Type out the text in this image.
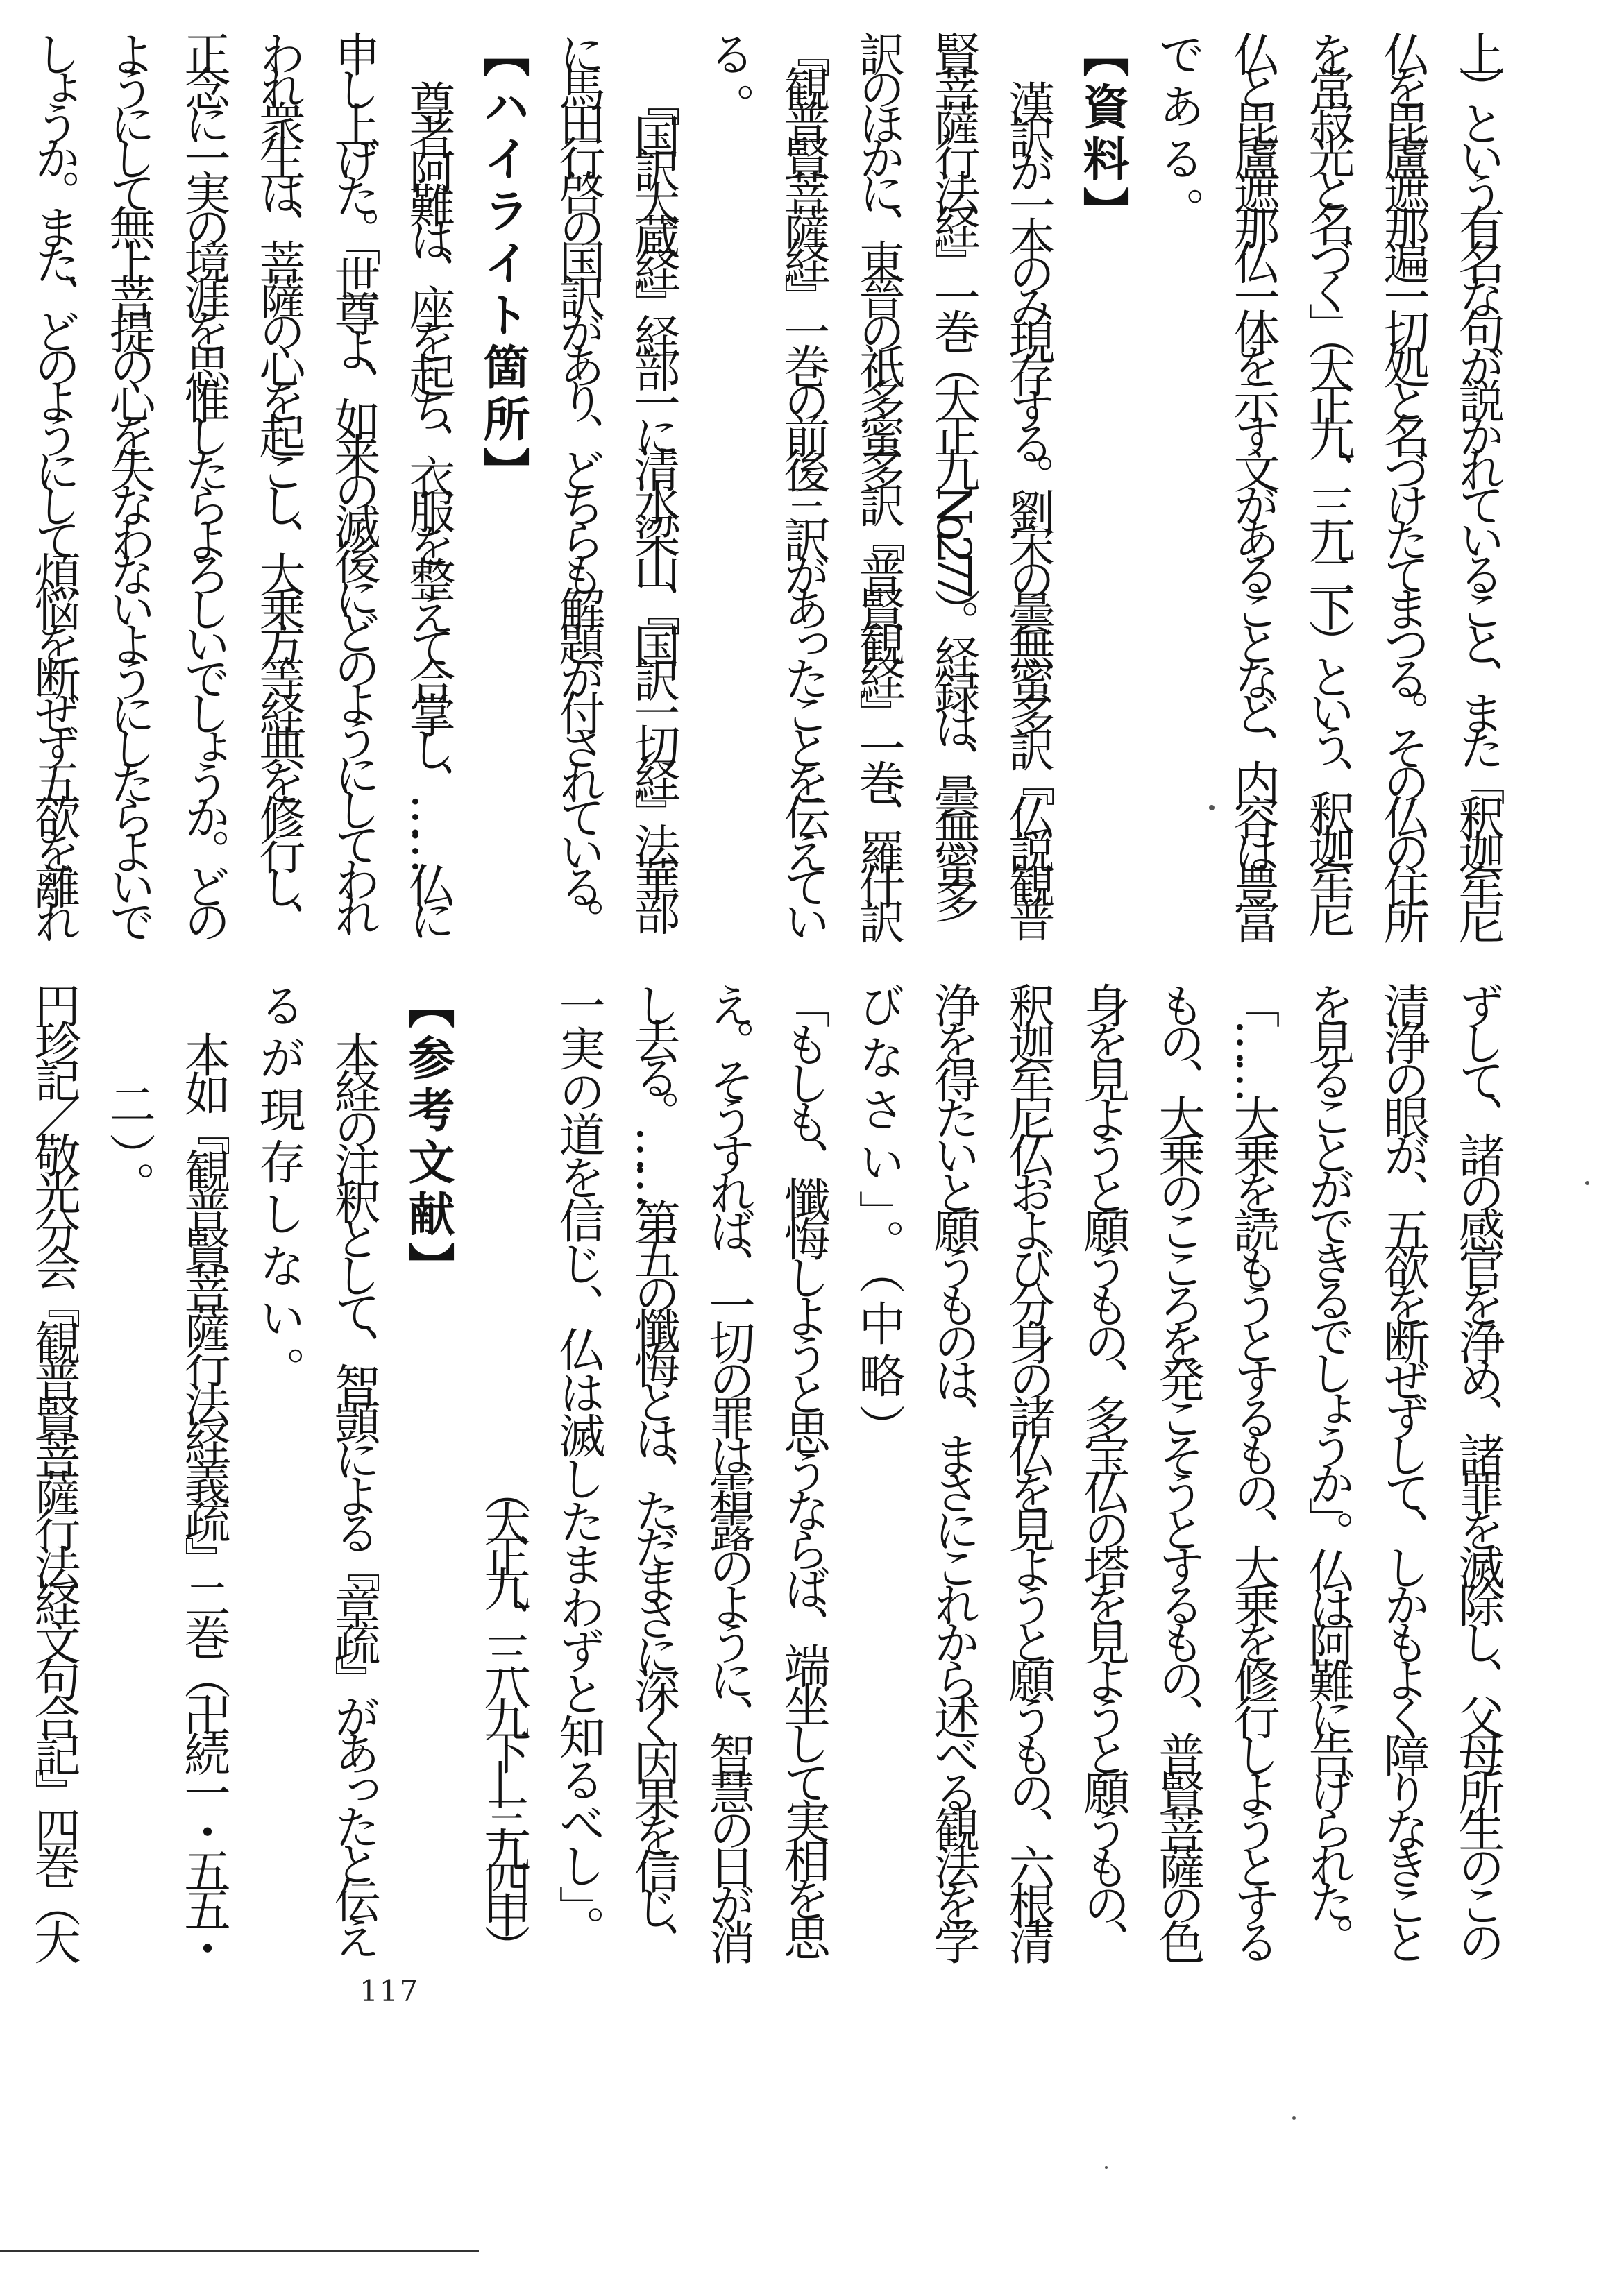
上）という有名な句が説かれていること、また「釈迦牟尼
仏を毘盧遮那遍一切処と名づけたてまつる。その仏の住所
を常寂光と名づく」（大正九、三九二下）という、釈迦牟尼
仏と毘盧遮那仏一体を示す文があることなど、内容は豊富
である。
【資料】
漢訳が一本のみ現存する。劉宋の曇無蜜多訳『仏説観普
賢菩薩行法経』一巻（大正九 No. 277）。経録は、曇無蜜多
訳のほかに、東晉の祇多蜜多訳『普賢観経』一巻、羅什訳
『観普賢菩薩経』一巻の前後三訳があったことを伝えてい
る。
『国訳大蔵経』経部一に清水梁山、『国訳一切経』法華部
に馬田行啓の国訳があり、どちらも解題が付されている。
【ハイライト箇所】
尊者阿難は、座を起ち、衣服を整えて合掌し、……仏に
申し上げた。「世尊よ、如来の滅後にどのようにしてわれ
われ衆生は、菩薩の心を起こし、大乗方等経典を修行し、
正念に一実の境涯を思惟したらよろしいでしょうか。どの
ようにして無上菩提の心を失なわないようにしたらよいで
しょうか。また、どのようにして煩悩を断ぜず五欲を離れ
ずして、諸の感官を浄め、諸罪を滅除し、父母所生のこの
清浄の眼が、五欲を断ぜずして、しかもよく障りなきこと
を見ることができるでしょうか」。仏は阿難に告げられた。
「……大乗を読もうとするもの、大乗を修行しようとする
もの、大乗のこころを発こそうとするもの、普賢菩薩の色
身を見ようと願うもの、多宝仏の塔を見ようと願うもの、
釈迦牟尼仏および分身の諸仏を見ようと願うもの、六根清
浄を得たいと願うものは、まさにこれから述べる観法を学
びなさい」。（中略）
「もしも、懺悔しようと思うならば、端坐して実相を思
え。そうすれば、一切の罪は霜露のように、智慧の日が消
し去る。……第五の懺悔とは、ただまさに深く因果を信じ、
一実の道を信じ、仏は滅したまわずと知るべし」。
（大正九、三八九下―三九四中）
【参考文献】
本経の注釈として、智顗による『章疏』があったと伝え
るが現存しない。
本如『観普賢菩薩行法経義疏』二巻（卍続一・五五・
二）。
円珍記／敬光分会『観普賢菩薩行法経文句合記』四巻（大
117
